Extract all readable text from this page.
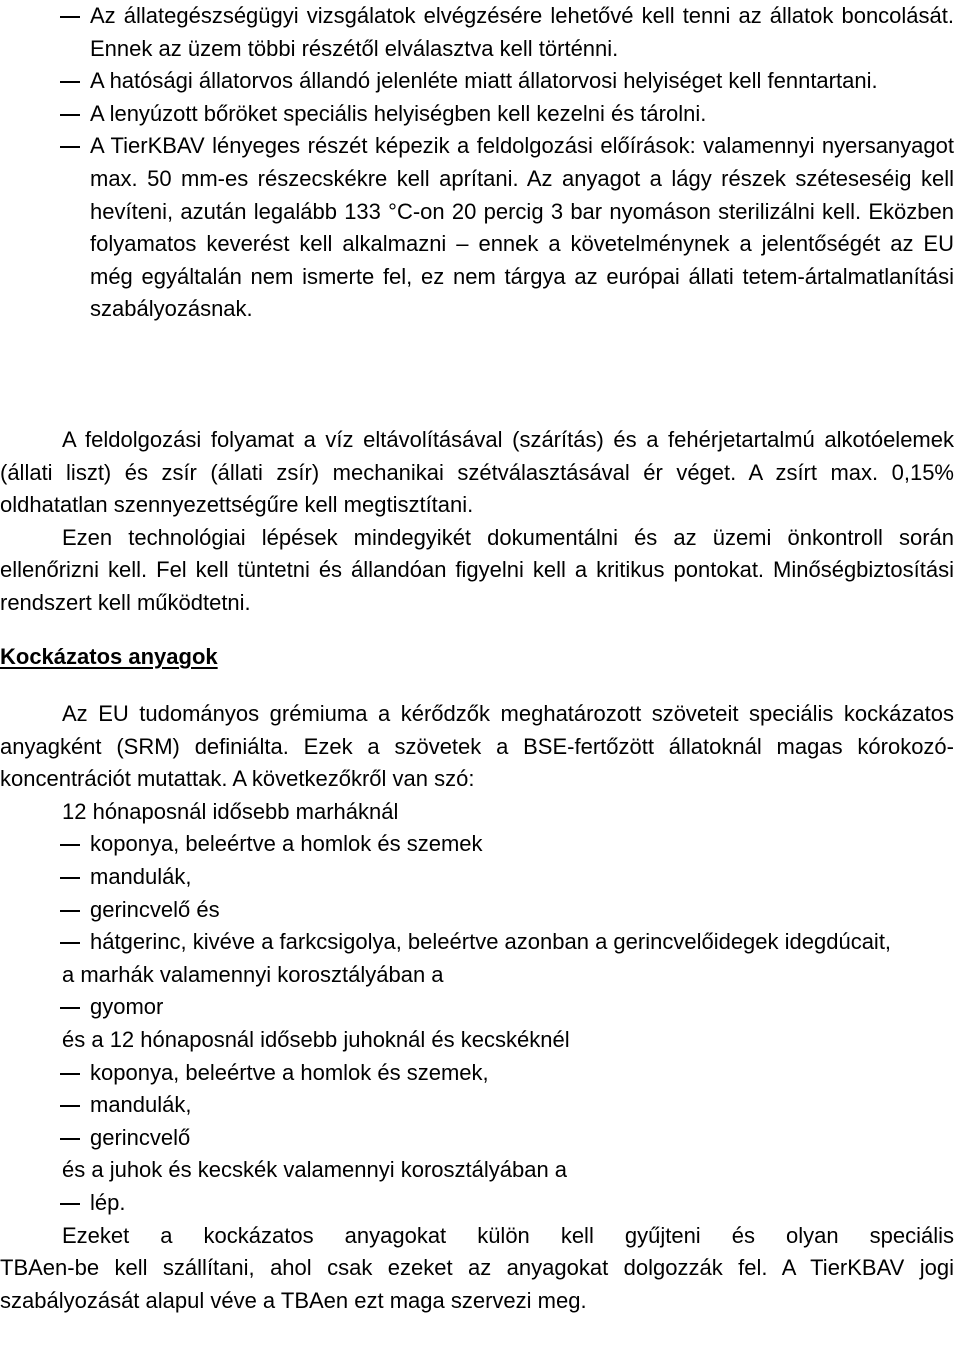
Az állategészségügyi vizsgálatok elvégzésére lehetővé kell tenni az állatok boncolását. Ennek az üzem többi részétől elválasztva kell történni.

A hatósági állatorvos állandó jelenléte miatt állatorvosi helyiséget kell fenntartani.

A lenyúzott bőröket speciális helyiségben kell kezelni és tárolni.

A TierKBAV lényeges részét képezik a feldolgozási előírások: valamennyi nyersanyagot max. 50 mm-es részecskékre kell aprítani. Az anyagot a lágy részek széteseséig kell hevíteni, azután legalább 133 °C-on 20 percig 3 bar nyomáson sterilizálni kell. Eközben folyamatos keverést kell alkalmazni – ennek a követelménynek a jelentőségét az EU még egyáltalán nem ismerte fel, ez nem tárgya az európai állati tetem-ártalmatlanítási szabályozásnak.

A feldolgozási folyamat a víz eltávolításával (szárítás) és a fehérjetartalmú alkotóelemek (állati liszt) és zsír (állati zsír) mechanikai szétválasztásával ér véget. A zsírt max. 0,15% oldhatatlan szennyezettségűre kell megtisztítani.

Ezen technológiai lépések mindegyikét dokumentálni és az üzemi önkontroll során ellenőrizni kell. Fel kell tüntetni és állandóan figyelni kell a kritikus pontokat. Minőségbiztosítási rendszert kell működtetni.

Kockázatos anyagok

Az EU tudományos grémiuma a kérődzők meghatározott szöveteit speciális kockázatos anyagként (SRM) definiálta. Ezek a szövetek a BSE-fertőzött állatoknál magas kórokozó-koncentrációt mutattak. A következőkről van szó:

12 hónaposnál idősebb marháknál

koponya, beleértve a homlok és szemek

mandulák,

gerincvelő és

hátgerinc, kivéve a farkcsigolya, beleértve azonban a gerincvelőidegek idegdúcait,

a marhák valamennyi korosztályában a

gyomor

és a 12 hónaposnál idősebb juhoknál és kecskéknél

koponya, beleértve a homlok és szemek,

mandulák,

gerincvelő

és a juhok és kecskék valamennyi korosztályában a

lép.

Ezeket a kockázatos anyagokat külön kell gyűjteni és olyan speciális

TBAen-be kell szállítani, ahol csak ezeket az anyagokat dolgozzák fel. A TierKBAV jogi szabályozását alapul véve a TBAen ezt maga szervezi meg.
